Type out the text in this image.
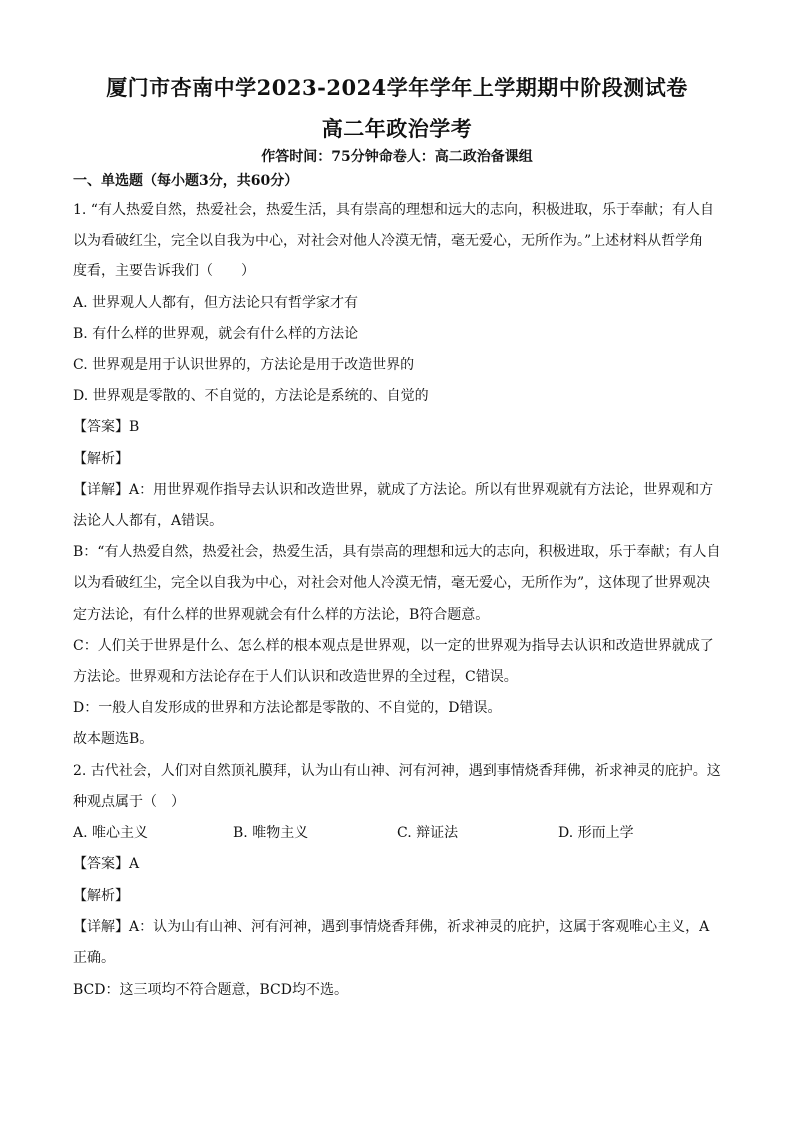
厦门市杏南中学2023-2024学年学年上学期期中阶段测试卷
高二年政治学考
作答时间：75分钟命卷人：高二政治备课组
一、单选题（每小题3分，共60分）
1. “有人热爱自然，热爱社会，热爱生活，具有崇高的理想和远大的志向，积极进取，乐于奉献；有人自
以为看破红尘，完全以自我为中心，对社会对他人冷漠无情，毫无爱心，无所作为。”上述材料从哲学角
度看，主要告诉我们（　　）
A. 世界观人人都有，但方法论只有哲学家才有
B. 有什么样的世界观，就会有什么样的方法论
C. 世界观是用于认识世界的，方法论是用于改造世界的
D. 世界观是零散的、不自觉的，方法论是系统的、自觉的
【答案】B
【解析】
【详解】A：用世界观作指导去认识和改造世界，就成了方法论。所以有世界观就有方法论，世界观和方
法论人人都有，A错误。
B：“有人热爱自然，热爱社会，热爱生活，具有崇高的理想和远大的志向，积极进取，乐于奉献；有人自
以为看破红尘，完全以自我为中心，对社会对他人冷漠无情，毫无爱心，无所作为”，这体现了世界观决
定方法论，有什么样的世界观就会有什么样的方法论，B符合题意。
C：人们关于世界是什么、怎么样的根本观点是世界观，以一定的世界观为指导去认识和改造世界就成了
方法论。世界观和方法论存在于人们认识和改造世界的全过程，C错误。
D：一般人自发形成的世界和方法论都是零散的、不自觉的，D错误。
故本题选B。
2. 古代社会，人们对自然顶礼膜拜，认为山有山神、河有河神，遇到事情烧香拜佛，祈求神灵的庇护。这
种观点属于（　）
A. 唯心主义	B. 唯物主义	C. 辩证法	D. 形而上学
【答案】A
【解析】
【详解】A：认为山有山神、河有河神，遇到事情烧香拜佛，祈求神灵的庇护，这属于客观唯心主义，A
正确。
BCD：这三项均不符合题意，BCD均不选。
